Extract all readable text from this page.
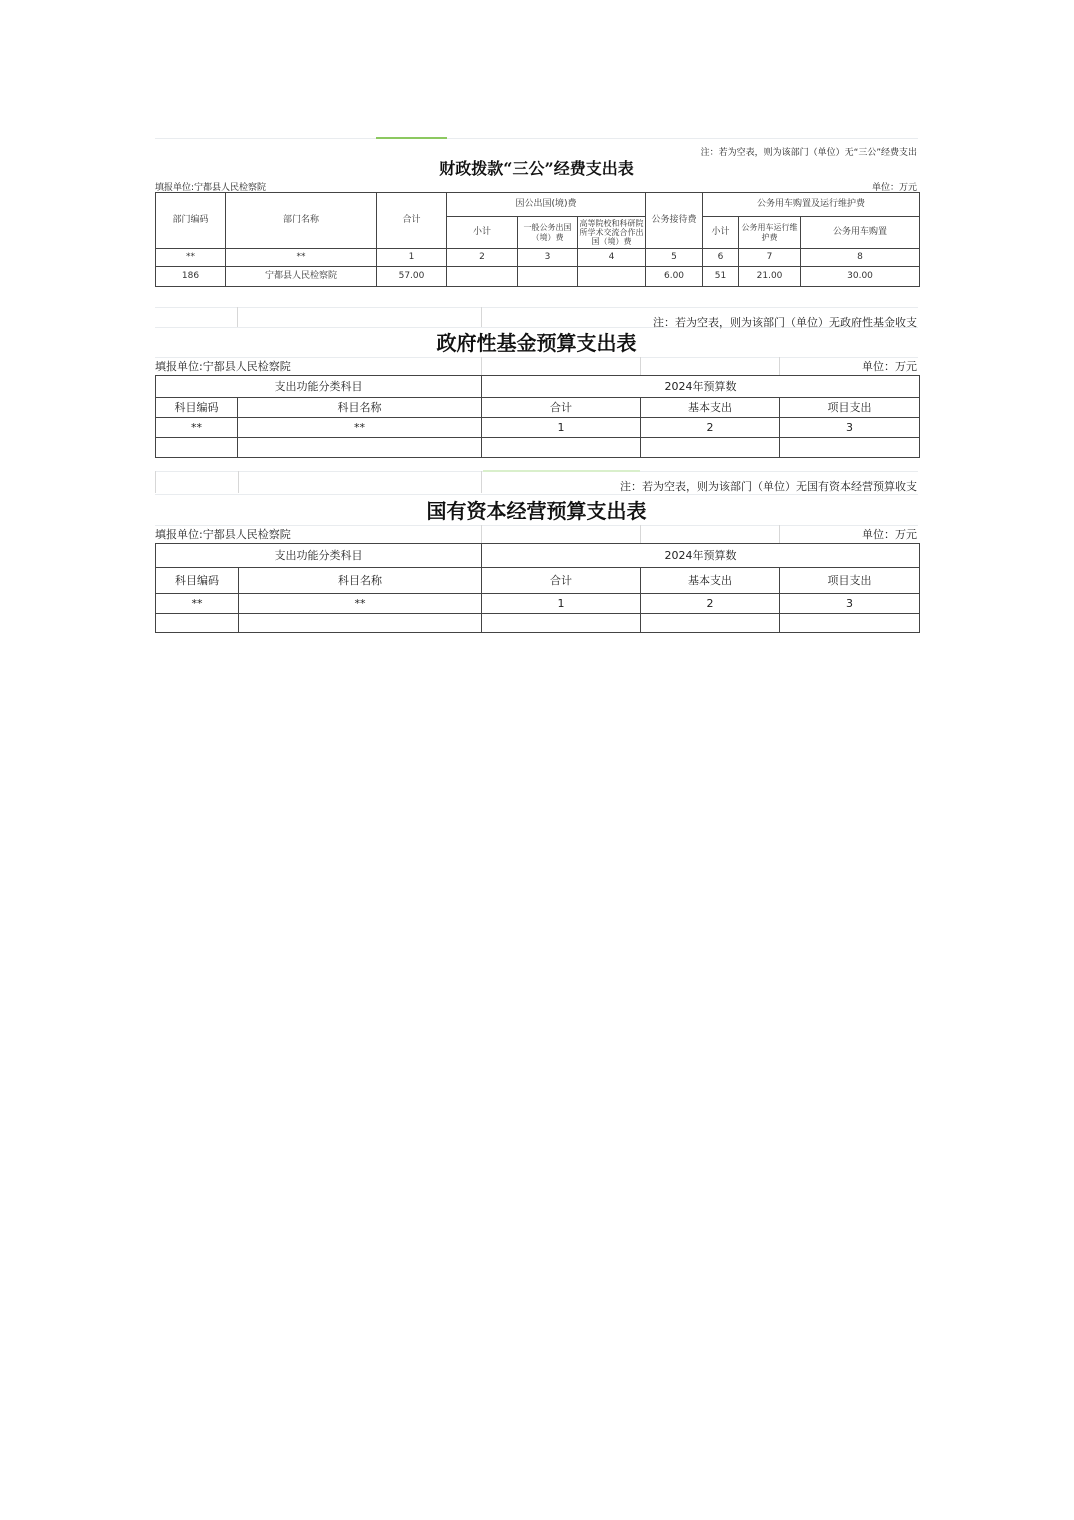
注：若为空表，则为该部门（单位）无“三公”经费支出
财政拨款“三公”经费支出表
填报单位:宁都县人民检察院	单位：万元
部门编码	部门名称	合计	因公出国(境)费			公务接待费	公务用车购置及运行维护费		
			小计	一般公务出国（境）费	高等院校和科研院所学术交流合作出国（境）费		小计	公务用车运行维护费	公务用车购置
**	**	1	2	3	4	5	6	7	8
186	宁都县人民检察院	57.00				6.00	51	21.00	30.00
注：若为空表，则为该部门（单位）无政府性基金收支
政府性基金预算支出表
填报单位:宁都县人民检察院	单位：万元
支出功能分类科目		2024年预算数		
科目编码	科目名称	合计	基本支出	项目支出
**	**	1	2	3

注：若为空表，则为该部门（单位）无国有资本经营预算收支
国有资本经营预算支出表
填报单位:宁都县人民检察院	单位：万元
支出功能分类科目		2024年预算数		
科目编码	科目名称	合计	基本支出	项目支出
**	**	1	2	3
